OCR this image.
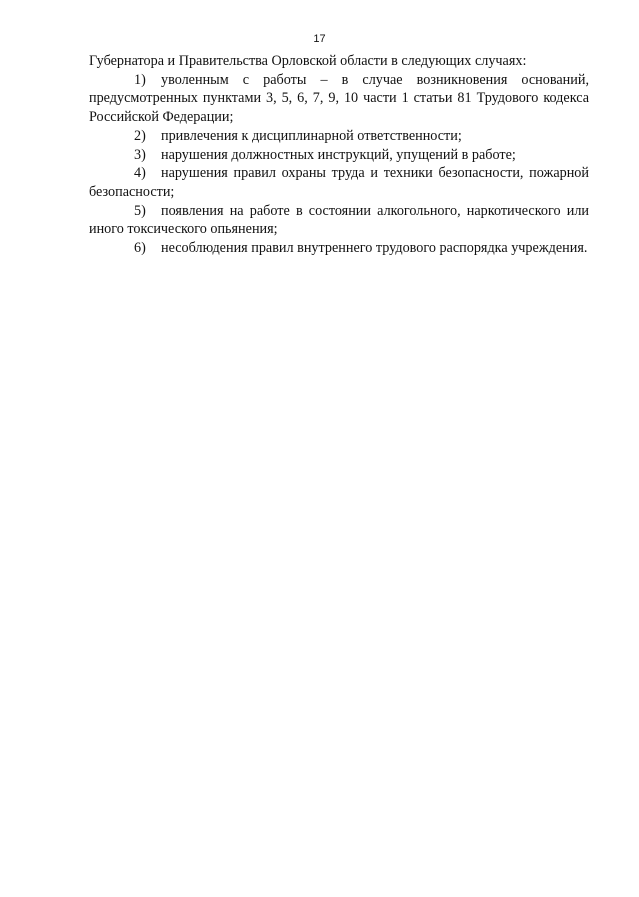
17

Губернатора и Правительства Орловской области в следующих случаях:

1) уволенным с работы – в случае возникновения оснований, предусмотренных пунктами 3, 5, 6, 7, 9, 10 части 1 статьи 81 Трудового кодекса Российской Федерации;

2) привлечения к дисциплинарной ответственности;

3) нарушения должностных инструкций, упущений в работе;

4) нарушения правил охраны труда и техники безопасности, пожарной безопасности;

5) появления на работе в состоянии алкогольного, наркотического или иного токсического опьянения;

6) несоблюдения правил внутреннего трудового распорядка учреждения.
